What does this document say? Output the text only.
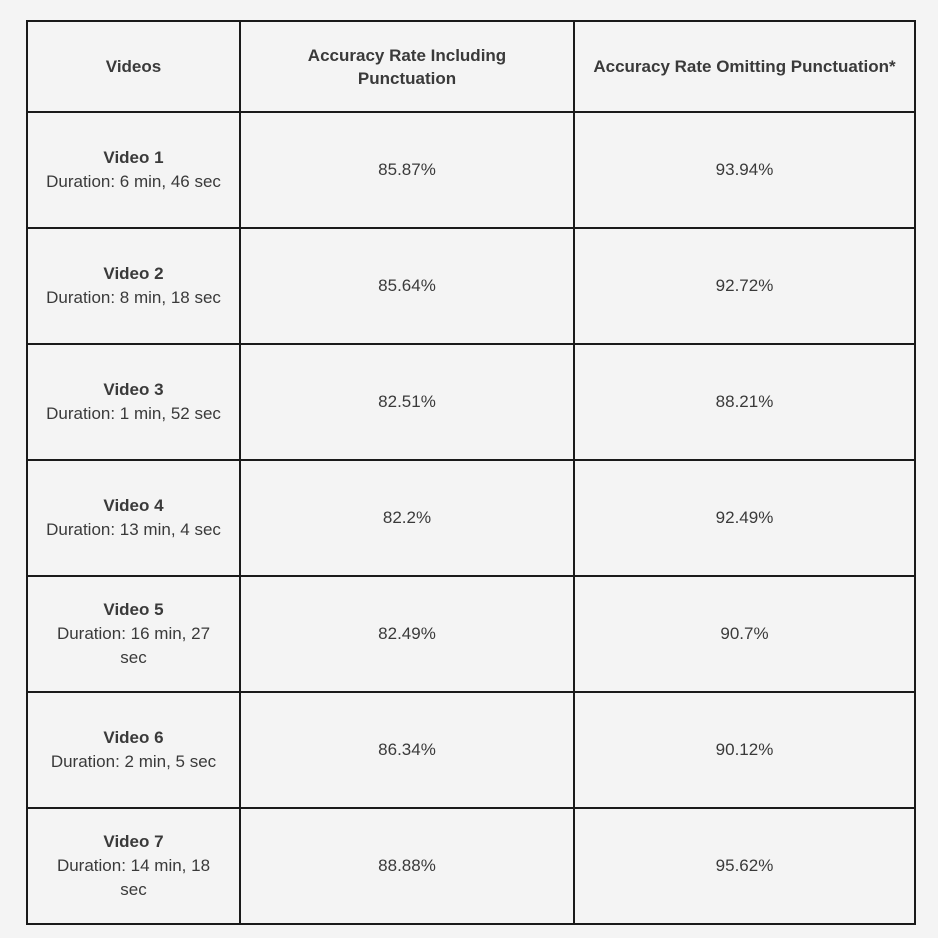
Videos	Accuracy Rate Including Punctuation	Accuracy Rate Omitting Punctuation*

Video 1
Duration: 6 min, 46 sec	85.87%	93.94%

Video 2
Duration: 8 min, 18 sec	85.64%	92.72%

Video 3
Duration: 1 min, 52 sec	82.51%	88.21%

Video 4
Duration: 13 min, 4 sec	82.2%	92.49%

Video 5
Duration: 16 min, 27 sec	82.49%	90.7%

Video 6
Duration: 2 min, 5 sec	86.34%	90.12%

Video 7
Duration: 14 min, 18 sec	88.88%	95.62%
